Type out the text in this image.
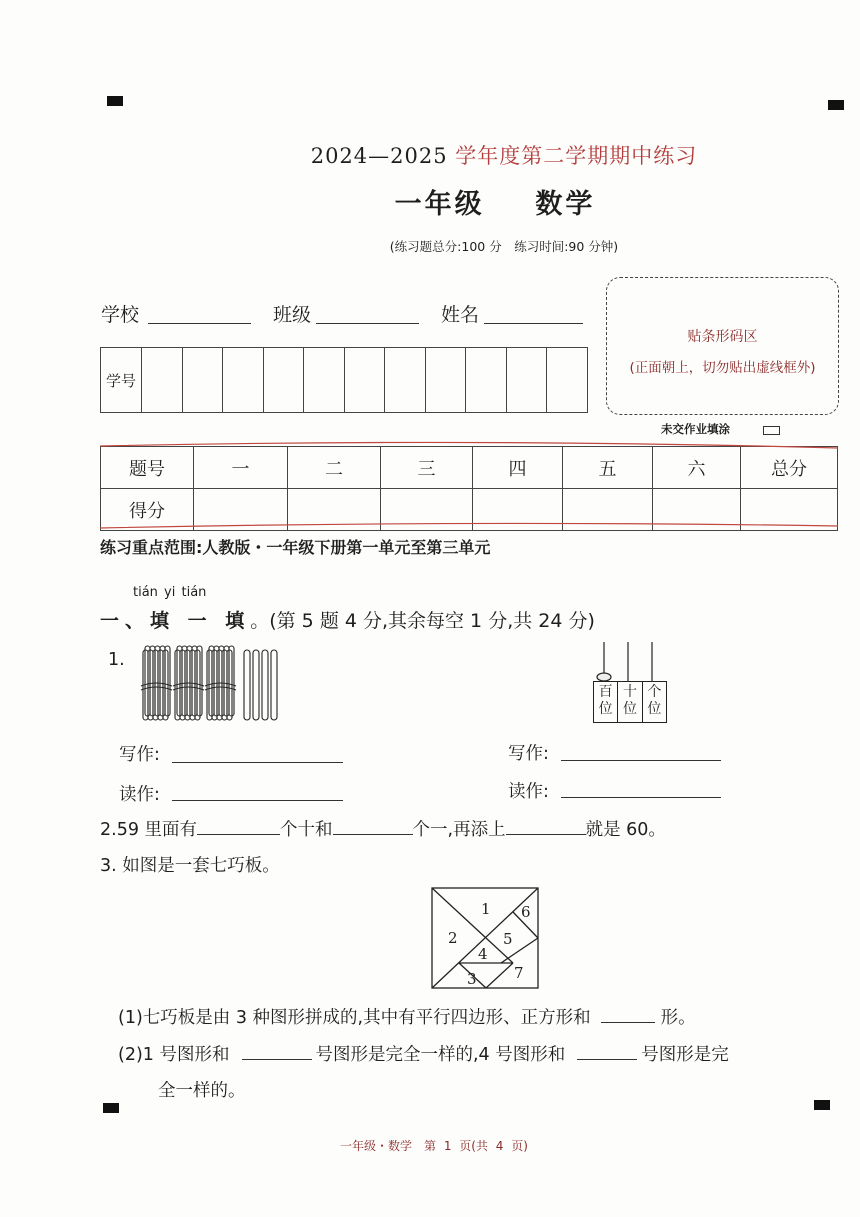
2024—2025 学年度第二学期期中练习
一年级 数学
(练习题总分:100 分　练习时间:90 分钟)
学校	班级	姓名
学号											
贴条形码区
(正面朝上，切勿贴出虚线框外)
未交作业填涂
题号	一	二	三	四	五	六	总分
得分							
练习重点范围:人教版・一年级下册第一单元至第三单元
tián yi tián
一、填 一 填。(第 5 题 4 分,其余每空 1 分,共 24 分)
1.
百
位
十
位
个
位
写作:
读作:
写作:
读作:
2.59 里面有	个十和	个一,再添上	就是 60。
3. 如图是一套七巧板。
1
2
3
4
5
6
7
(1)七巧板是由 3 种图形拼成的,其中有平行四边形、正方形和	形。
(2)1 号图形和	号图形是完全一样的,4 号图形和	号图形是完
全一样的。
一年级・数学　第 1 页(共 4 页)
